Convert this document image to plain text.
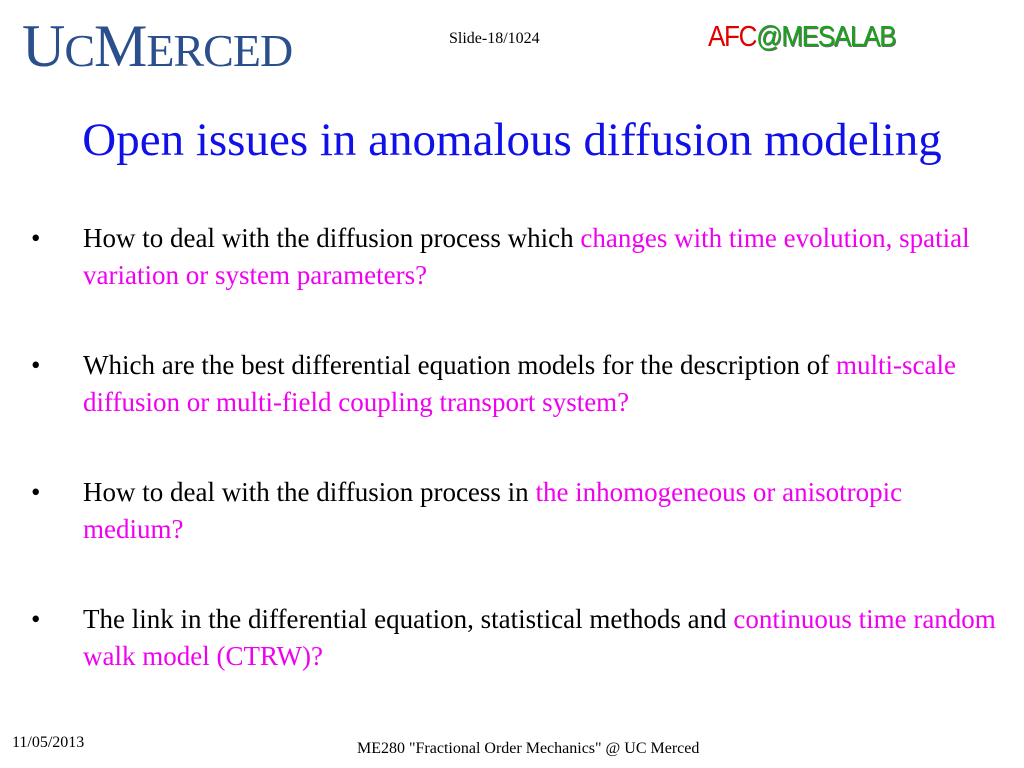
UCMERCED	Slide-18/1024	AFC@MESALAB
Open issues in anomalous diffusion modeling
• How to deal with the diffusion process which changes with time evolution, spatial variation or system parameters?
• Which are the best differential equation models for the description of multi-scale diffusion or multi-field coupling transport system?
• How to deal with the diffusion process in the inhomogeneous or anisotropic medium?
• The link in the differential equation, statistical methods and continuous time random walk model (CTRW)?
11/05/2013	ME280 "Fractional Order Mechanics" @ UC Merced
